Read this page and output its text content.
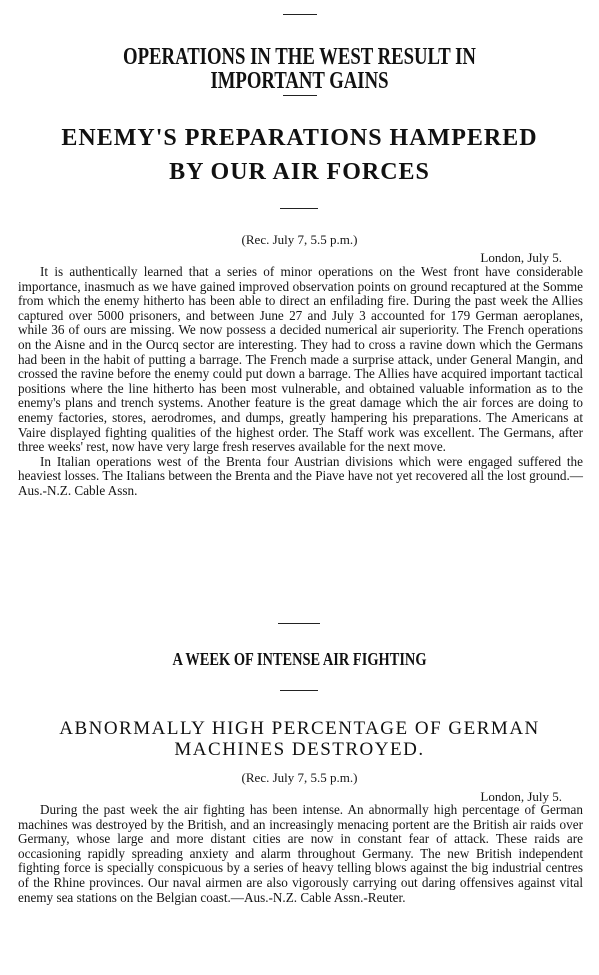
OPERATIONS IN THE WEST RESULT IN IMPORTANT GAINS
ENEMY'S PREPARATIONS HAMPERED BY OUR AIR FORCES
(Rec. July 7, 5.5 p.m.)
London, July 5.

It is authentically learned that a series of minor operations on the West front have considerable importance, inasmuch as we have gained improved observation points on ground recaptured at the Somme from which the enemy hitherto has been able to direct an enfilading fire. During the past week the Allies captured over 5000 prisoners, and between June 27 and July 3 accounted for 179 German aeroplanes, while 36 of ours are missing. We now possess a decided numerical air superiority. The French operations on the Aisne and in the Ourcq sector are interesting. They had to cross a ravine down which the Germans had been in the habit of putting a barrage. The French made a surprise attack, under General Mangin, and crossed the ravine before the enemy could put down a barrage. The Allies have acquired important tactical positions where the line hitherto has been most vulnerable, and obtained valuable information as to the enemy's plans and trench systems. Another feature is the great damage which the air forces are doing to enemy factories, stores, aerodromes, and dumps, greatly hampering his preparations. The Americans at Vaire displayed fighting qualities of the highest order. The Staff work was excellent. The Germans, after three weeks' rest, now have very large fresh reserves available for the next move.

In Italian operations west of the Brenta four Austrian divisions which were engaged suffered the heaviest losses. The Italians between the Brenta and the Piave have not yet recovered all the lost ground.—Aus.-N.Z. Cable Assn.

A WEEK OF INTENSE AIR FIGHTING
ABNORMALLY HIGH PERCENTAGE OF GERMAN MACHINES DESTROYED.
(Rec. July 7, 5.5 p.m.)
London, July 5.

During the past week the air fighting has been intense. An abnormally high percentage of German machines was destroyed by the British, and an increasingly menacing portent are the British air raids over Germany, whose large and more distant cities are now in constant fear of attack. These raids are occasioning rapidly spreading anxiety and alarm throughout Germany. The new British independent fighting force is specially conspicuous by a series of heavy telling blows against the big industrial centres of the Rhine provinces. Our naval airmen are also vigorously carrying out daring offensives against vital enemy sea stations on the Belgian coast.—Aus.-N.Z. Cable Assn.-Reuter.
